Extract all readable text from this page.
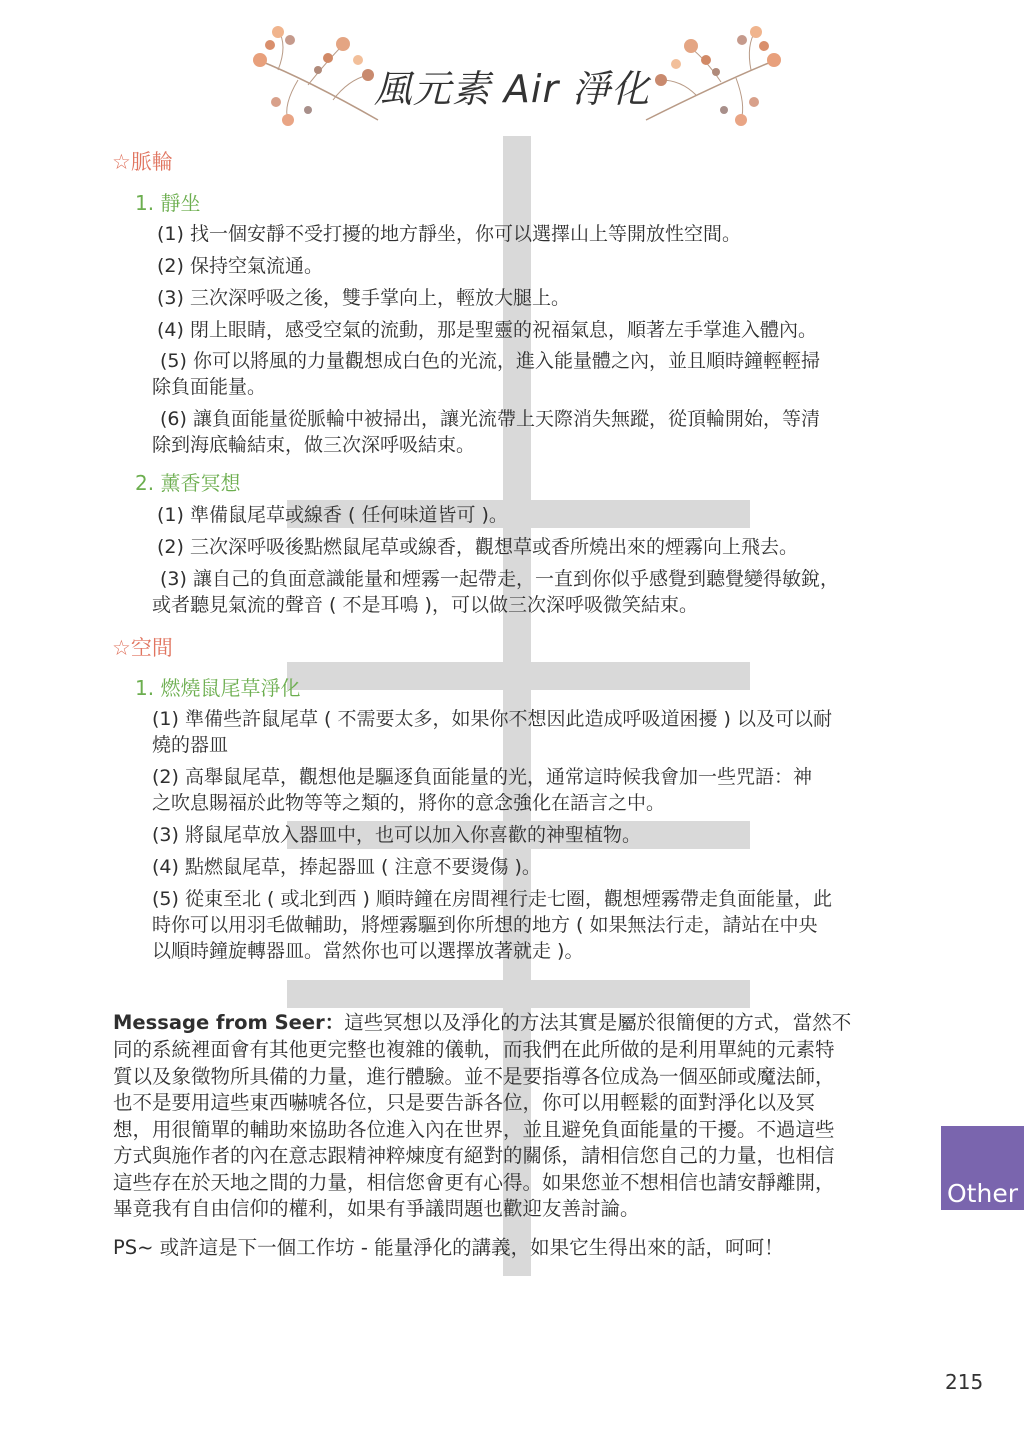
風元素 Air 淨化
☆脈輪
1. 靜坐
(1) 找一個安靜不受打擾的地方靜坐，你可以選擇山上等開放性空間。
(2) 保持空氣流通。
(3) 三次深呼吸之後，雙手掌向上，輕放大腿上。
(4) 閉上眼睛，感受空氣的流動，那是聖靈的祝福氣息，順著左手掌進入體內。
(5) 你可以將風的力量觀想成白色的光流，進入能量體之內，並且順時鐘輕輕掃
除負面能量。
(6) 讓負面能量從脈輪中被掃出，讓光流帶上天際消失無蹤，從頂輪開始，等清
除到海底輪結束，做三次深呼吸結束。
2. 薰香冥想
(1) 準備鼠尾草或線香 ( 任何味道皆可 )。
(2) 三次深呼吸後點燃鼠尾草或線香，觀想草或香所燒出來的煙霧向上飛去。
(3) 讓自己的負面意識能量和煙霧一起帶走，一直到你似乎感覺到聽覺變得敏銳，
或者聽見氣流的聲音 ( 不是耳鳴 )，可以做三次深呼吸微笑結束。
☆空間
1. 燃燒鼠尾草淨化
(1) 準備些許鼠尾草 ( 不需要太多，如果你不想因此造成呼吸道困擾 ) 以及可以耐
燒的器皿
(2) 高舉鼠尾草，觀想他是驅逐負面能量的光，通常這時候我會加一些咒語：神
之吹息賜福於此物等等之類的，將你的意念強化在語言之中。
(3) 將鼠尾草放入器皿中，也可以加入你喜歡的神聖植物。
(4) 點燃鼠尾草，捧起器皿 ( 注意不要燙傷 )。
(5) 從東至北 ( 或北到西 ) 順時鐘在房間裡行走七圈，觀想煙霧帶走負面能量，此
時你可以用羽毛做輔助，將煙霧驅到你所想的地方 ( 如果無法行走，請站在中央
以順時鐘旋轉器皿。當然你也可以選擇放著就走 )。
Message from Seer：這些冥想以及淨化的方法其實是屬於很簡便的方式，當然不
同的系統裡面會有其他更完整也複雜的儀軌，而我們在此所做的是利用單純的元素特
質以及象徵物所具備的力量，進行體驗。並不是要指導各位成為一個巫師或魔法師，
也不是要用這些東西嚇唬各位，只是要告訴各位，你可以用輕鬆的面對淨化以及冥
想，用很簡單的輔助來協助各位進入內在世界，並且避免負面能量的干擾。不過這些
方式與施作者的內在意志跟精神粹煉度有絕對的關係，請相信您自己的力量，也相信
這些存在於天地之間的力量，相信您會更有心得。如果您並不想相信也請安靜離開，
畢竟我有自由信仰的權利，如果有爭議問題也歡迎友善討論。
PS~ 或許這是下一個工作坊 - 能量淨化的講義，如果它生得出來的話，呵呵！
Other
215
